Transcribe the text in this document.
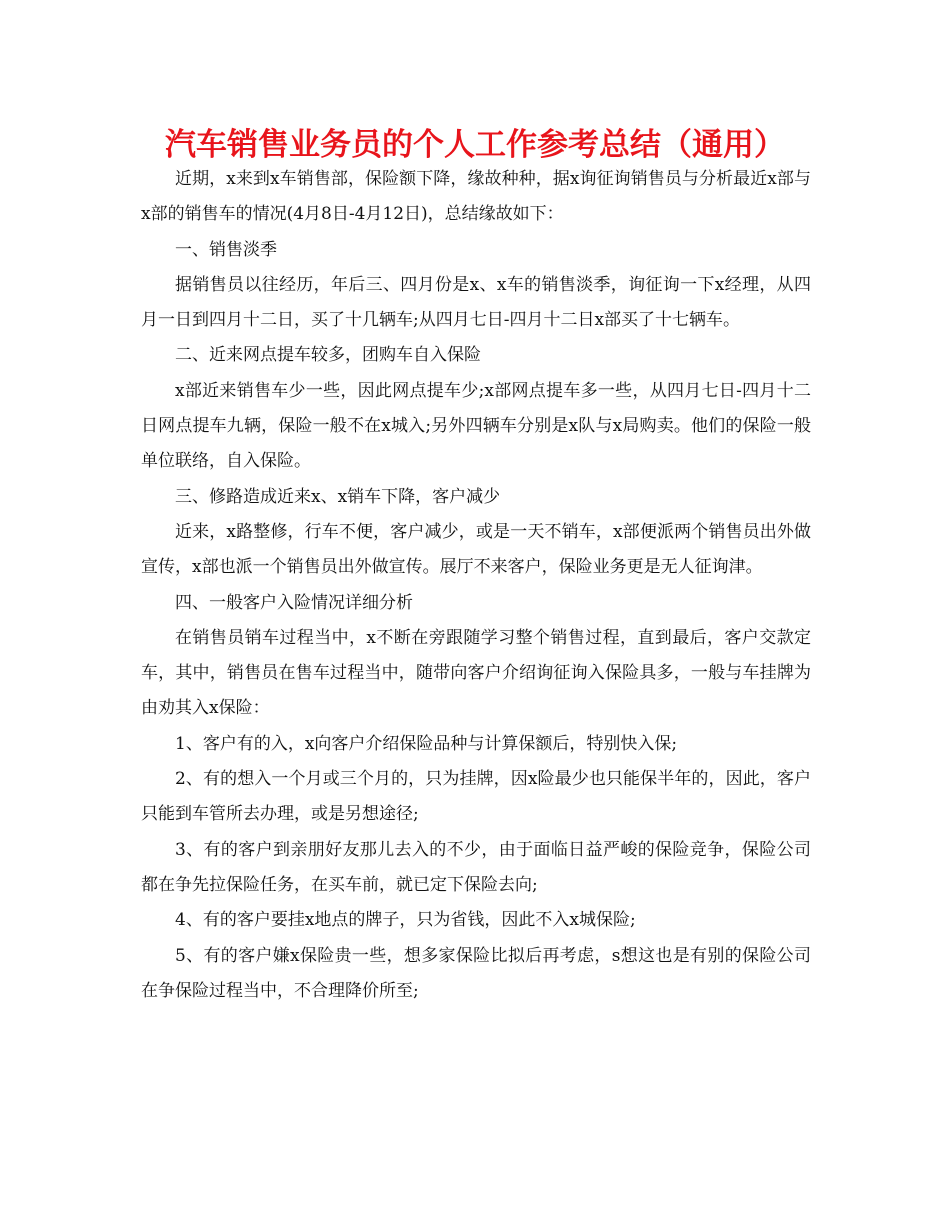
汽车销售业务员的个人工作参考总结（通用）

近期，x来到x车销售部，保险额下降，缘故种种，据x询征询销售员与分析最近x部与x部的销售车的情况(4月8日-4月12日)，总结缘故如下：

一、销售淡季

据销售员以往经历，年后三、四月份是x、x车的销售淡季，询征询一下x经理，从四月一日到四月十二日，买了十几辆车;从四月七日-四月十二日x部买了十七辆车。

二、近来网点提车较多，团购车自入保险

x部近来销售车少一些，因此网点提车少;x部网点提车多一些，从四月七日-四月十二日网点提车九辆，保险一般不在x城入;另外四辆车分别是x队与x局购卖。他们的保险一般单位联络，自入保险。

三、修路造成近来x、x销车下降，客户减少

近来，x路整修，行车不便，客户减少，或是一天不销车，x部便派两个销售员出外做宣传，x部也派一个销售员出外做宣传。展厅不来客户，保险业务更是无人征询津。

四、一般客户入险情况详细分析

在销售员销车过程当中，x不断在旁跟随学习整个销售过程，直到最后，客户交款定车，其中，销售员在售车过程当中，随带向客户介绍询征询入保险具多，一般与车挂牌为由劝其入x保险：

1、客户有的入，x向客户介绍保险品种与计算保额后，特别快入保;

2、有的想入一个月或三个月的，只为挂牌，因x险最少也只能保半年的，因此，客户只能到车管所去办理，或是另想途径;

3、有的客户到亲朋好友那儿去入的不少，由于面临日益严峻的保险竞争，保险公司都在争先拉保险任务，在买车前，就已定下保险去向;

4、有的客户要挂x地点的牌子，只为省钱，因此不入x城保险;

5、有的客户嫌x保险贵一些，想多家保险比拟后再考虑，s想这也是有别的保险公司在争保险过程当中，不合理降价所至;
